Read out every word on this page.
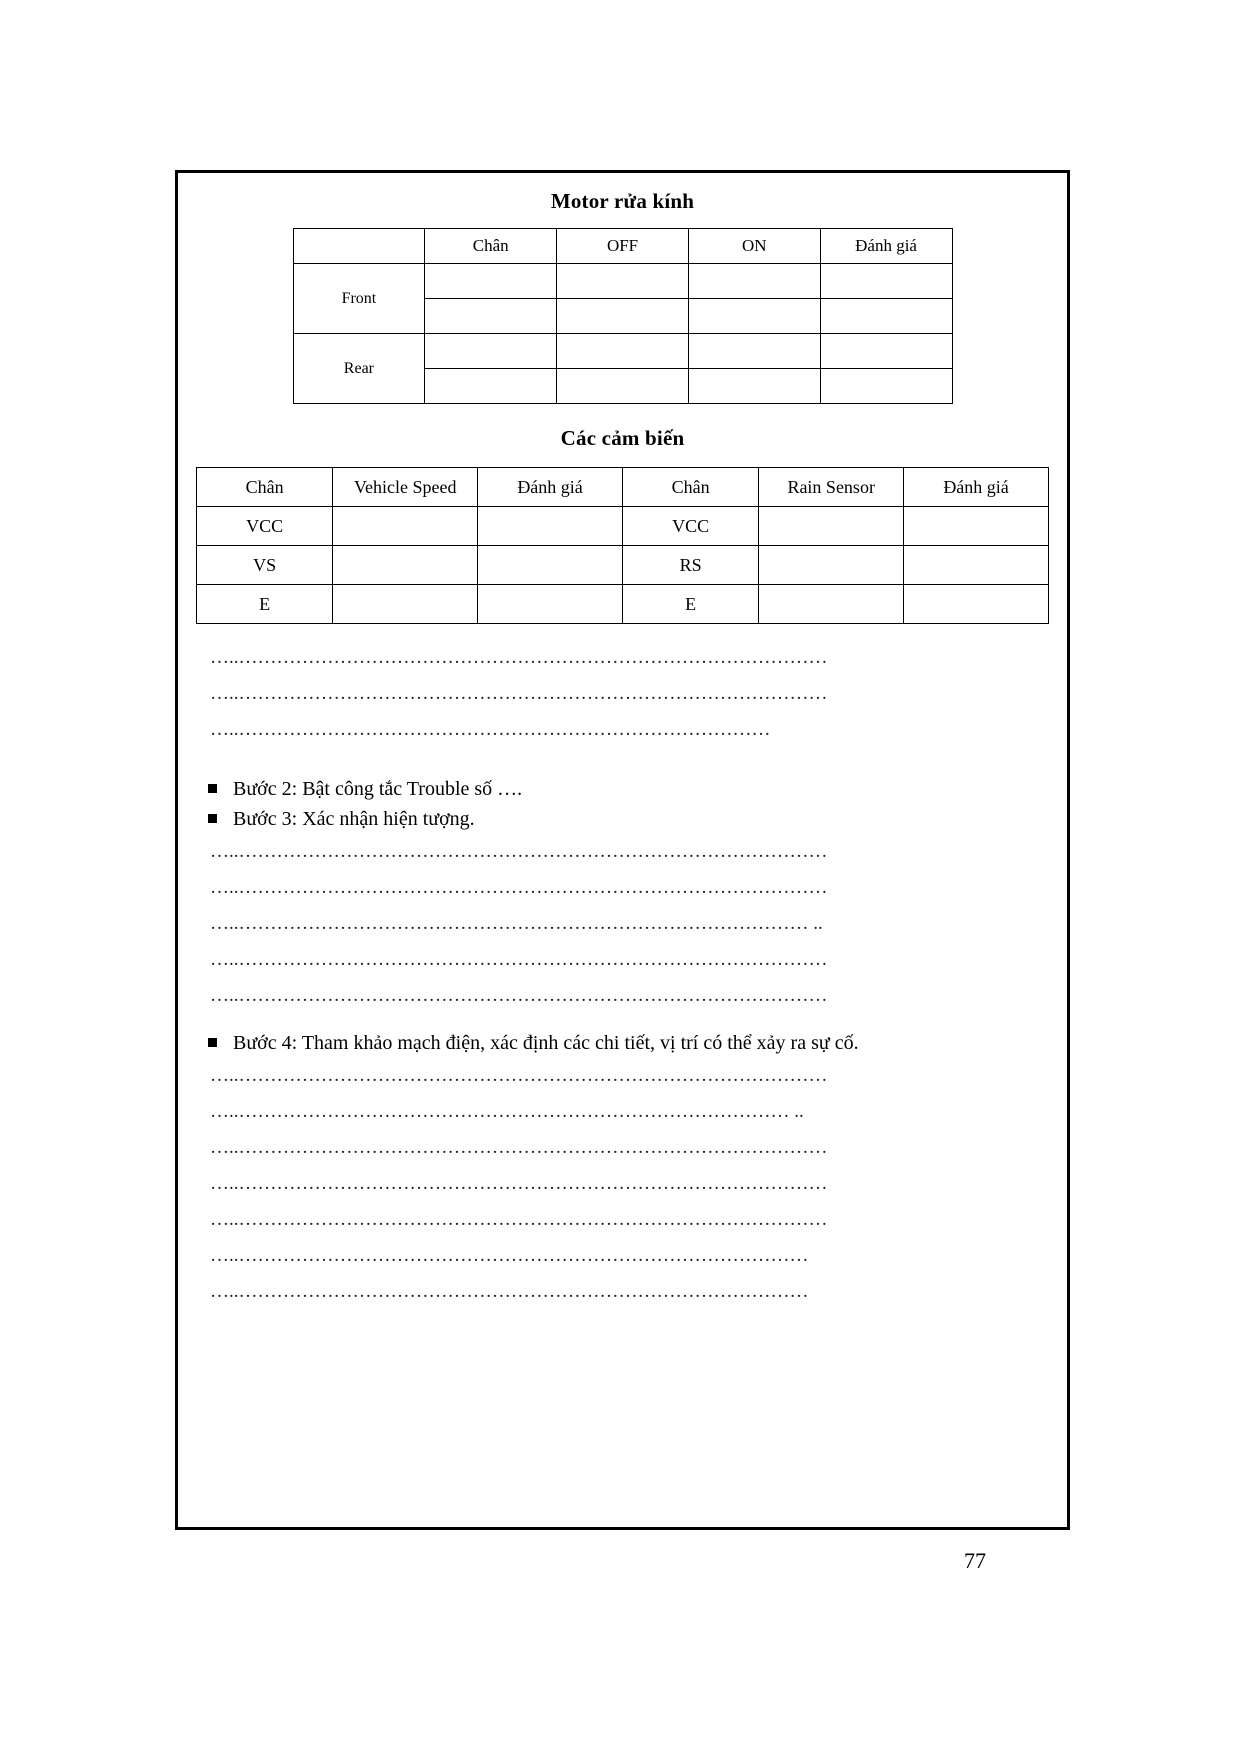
Motor rửa kính
	Chân	OFF	ON	Đánh giá
Front				

Rear				

Các cảm biến
Chân	Vehicle Speed	Đánh giá	Chân	Rain Sensor	Đánh giá
VCC			VCC		
VS			RS		
E			E		
…..…………………………………………………………………………………
…..…………………………………………………………………………………
…..…………………………………………………………………………
Bước 2: Bật công tắc Trouble số ….
Bước 3: Xác nhận hiện tượng.
…..…………………………………………………………………………………
…..…………………………………………………………………………………
…..……………………………………………………………………………… ..
…..…………………………………………………………………………………
…..…………………………………………………………………………………
Bước 4: Tham khảo mạch điện, xác định các chi tiết, vị trí có thể xảy ra sự cố.
…..…………………………………………………………………………………
…..…………………………………………………………………………… ..
…..…………………………………………………………………………………
…..…………………………………………………………………………………
…..…………………………………………………………………………………
…..………………………………………………………………………………
…..………………………………………………………………………………
77
